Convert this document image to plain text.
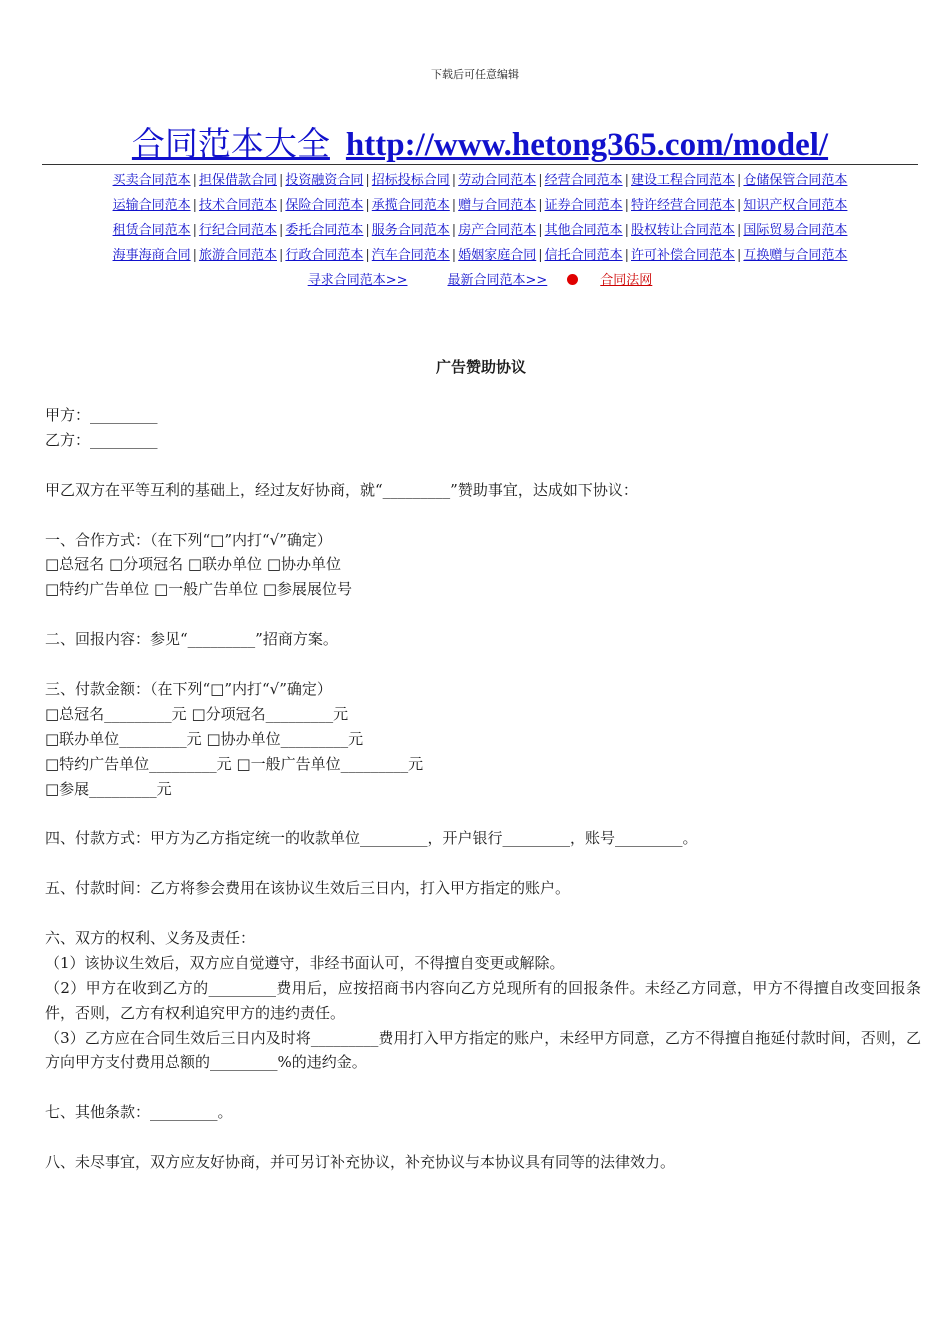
下载后可任意编辑
合同范本大全 http://www.hetong365.com/model/
买卖合同范本 | 担保借款合同 | 投资融资合同 | 招标投标合同 | 劳动合同范本 | 经营合同范本 | 建设工程合同范本 | 仓储保管合同范本
运输合同范本 | 技术合同范本 | 保险合同范本 | 承揽合同范本 | 赠与合同范本 | 证券合同范本 | 特许经营合同范本 | 知识产权合同范本
租赁合同范本 | 行纪合同范本 | 委托合同范本 | 服务合同范本 | 房产合同范本 | 其他合同范本 | 股权转让合同范本 | 国际贸易合同范本
海事海商合同 | 旅游合同范本 | 行政合同范本 | 汽车合同范本 | 婚姻家庭合同 | 信托合同范本 | 许可补偿合同范本 | 互换赠与合同范本
寻求合同范本>>	最新合同范本>>	合同法网
广告赞助协议
甲方：_________
乙方：_________
甲乙双方在平等互利的基础上，经过友好协商，就“_________”赞助事宜，达成如下协议：
一、合作方式：（在下列“□”内打“√”确定）
□总冠名 □分项冠名 □联办单位 □协办单位
□特约广告单位 □一般广告单位 □参展展位号
二、回报内容：参见“_________”招商方案。
三、付款金额：（在下列“□”内打“√”确定）
□总冠名_________元 □分项冠名_________元
□联办单位_________元 □协办单位_________元
□特约广告单位_________元 □一般广告单位_________元
□参展_________元
四、付款方式：甲方为乙方指定统一的收款单位_________，开户银行_________，账号_________。
五、付款时间：乙方将参会费用在该协议生效后三日内，打入甲方指定的账户。
六、双方的权利、义务及责任：
（1）该协议生效后，双方应自觉遵守，非经书面认可，不得擅自变更或解除。
（2）甲方在收到乙方的_________费用后，应按招商书内容向乙方兑现所有的回报条件。未经乙方同意，甲方不得擅自改变回报条件，否则，乙方有权利追究甲方的违约责任。
（3）乙方应在合同生效后三日内及时将_________费用打入甲方指定的账户，未经甲方同意，乙方不得擅自拖延付款时间，否则，乙方向甲方支付费用总额的_________%的违约金。
七、其他条款：_________。
八、未尽事宜，双方应友好协商，并可另订补充协议，补充协议与本协议具有同等的法律效力。
